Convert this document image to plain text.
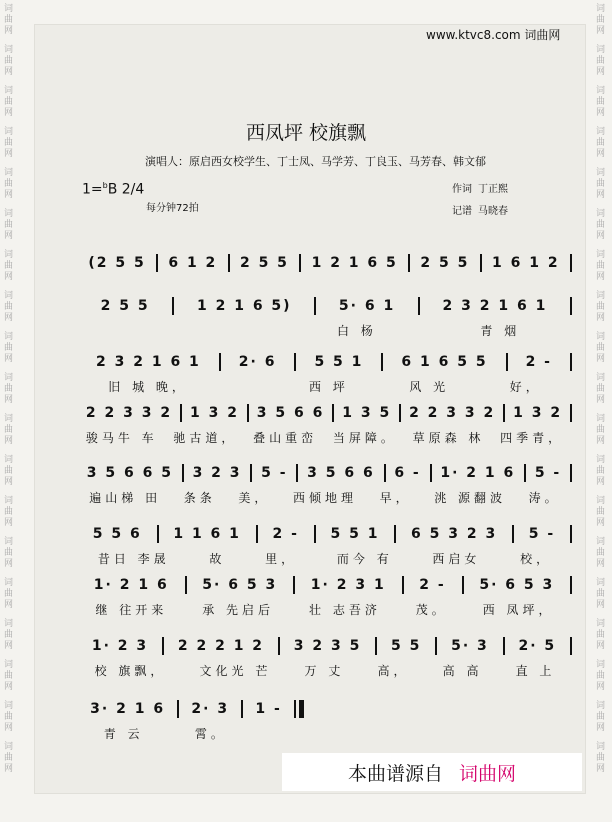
词曲网
词曲网
词曲网
词曲网
词曲网
词曲网
词曲网
词曲网
词曲网
词曲网
词曲网
词曲网
词曲网
词曲网
词曲网
词曲网
词曲网
词曲网
词曲网
词曲网
词曲网
词曲网
词曲网
词曲网
词曲网
词曲网
词曲网
词曲网
词曲网
词曲网
词曲网
词曲网
词曲网
词曲网
词曲网
词曲网
词曲网
词曲网
www.ktvc8.com 词曲网
西凤坪 校旗飘
演唱人：原启西女校学生、丁士凤、马学芳、丁良玉、马芳春、韩文郁
1=$^b$B 2/4
每分钟72拍
作词 丁正熙
记谱 马晓春
(2 5 5	6 1 2	2 5 5	1 2 1 6 5	2 5 5	1 6 1 2
2 5 5	1 2 1 6 5)	5· 6 1	2 3 2 1 6 1
白 杨	青 烟
2 3 2 1 6 1	2· 6	5 5 1	6 1 6 5 5	2 -
旧 城 晚，	西 坪	风 光	好，
2 2 3 3 2	1 3 2	3 5 6 6	1 3 5	2 2 3 3 2	1 3 2
骏马牛 车	驰古道，	叠山重峦	当屏障。	草原森 林	四季青，
3 5 6 6 5	3 2 3	5 -	3 5 6 6	6 -	1· 2 1 6	5 -
遍山梯 田	条条	美，	西倾地理	早，	洮 源翻波	涛。
5 5 6	1 1 6 1	2 -	5 5 1	6 5 3 2 3	5 -
昔日 李晟	故	里，	而今 有	西启女	校，
1· 2 1 6	5· 6 5 3	1· 2 3 1	2 -	5· 6 5 3
继 往开来	承 先启后	壮 志吾济	茂。	西 凤坪，
1· 2 3	2 2 2 1 2	3 2 3 5	5 5	5· 3	2· 5
校 旗飘，	文化光 芒	万 丈	高，	高 高	直 上
3· 2 1 6	2· 3	1 -
青 云	霄。
本曲谱源自 词曲网
